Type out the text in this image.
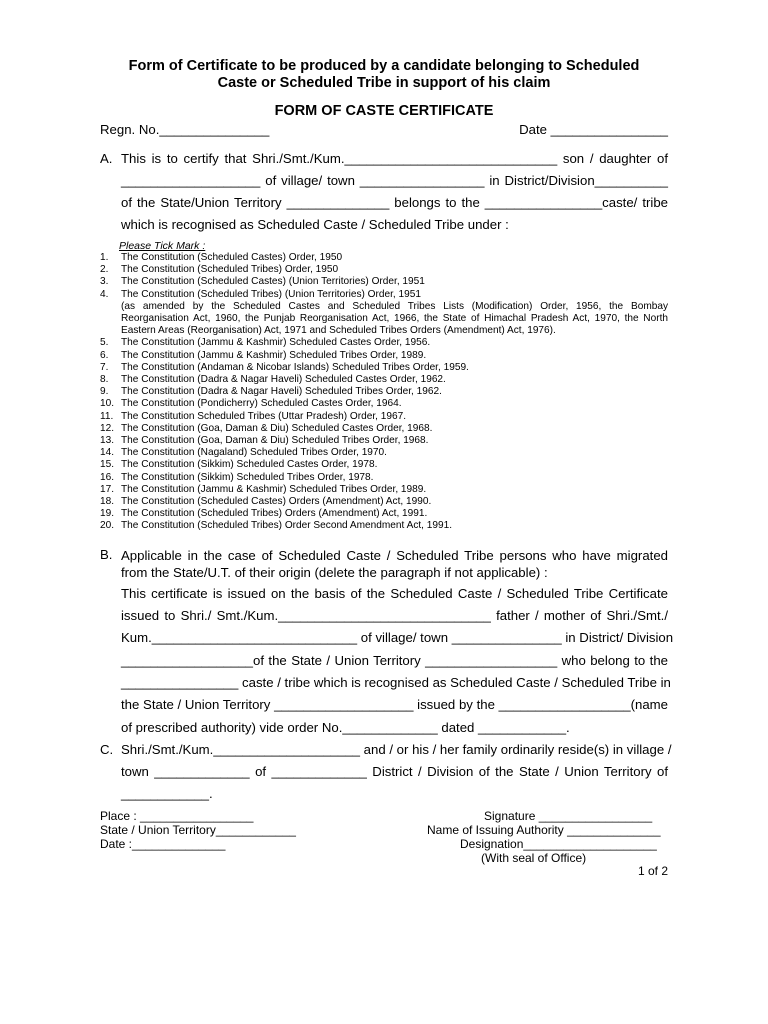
Form of Certificate to be produced by a candidate belonging to Scheduled
Caste or Scheduled Tribe in support of his claim
FORM OF CASTE CERTIFICATE
Regn. No._______________	Date ________________
A. This is to certify that Shri./Smt./Kum._____________________________ son / daughter of
___________________ of village/ town _________________ in District/Division__________
of the State/Union Territory ______________ belongs to the ________________caste/ tribe
which is recognised as Scheduled Caste / Scheduled Tribe under :
Please Tick Mark :
1.	The Constitution (Scheduled Castes) Order, 1950
2.	The Constitution (Scheduled Tribes) Order, 1950
3.	The Constitution (Scheduled Castes) (Union Territories) Order, 1951
4.	The Constitution (Scheduled Tribes) (Union Territories) Order, 1951
(as amended by the Scheduled Castes and Scheduled Tribes Lists (Modification) Order, 1956, the Bombay Reorganisation Act, 1960, the Punjab Reorganisation Act, 1966, the State of Himachal Pradesh Act, 1970, the North Eastern Areas (Reorganisation) Act, 1971 and Scheduled Tribes Orders (Amendment) Act, 1976).
5.	The Constitution (Jammu & Kashmir) Scheduled Castes Order, 1956.
6.	The Constitution (Jammu & Kashmir) Scheduled Tribes Order, 1989.
7.	The Constitution (Andaman & Nicobar Islands) Scheduled Tribes Order, 1959.
8.	The Constitution (Dadra & Nagar Haveli) Scheduled Castes Order, 1962.
9.	The Constitution (Dadra & Nagar Haveli) Scheduled Tribes Order, 1962.
10. The Constitution (Pondicherry) Scheduled Castes Order, 1964.
11. The Constitution Scheduled Tribes (Uttar Pradesh) Order, 1967.
12. The Constitution (Goa, Daman & Diu) Scheduled Castes Order, 1968.
13. The Constitution (Goa, Daman & Diu) Scheduled Tribes Order, 1968.
14. The Constitution (Nagaland) Scheduled Tribes Order, 1970.
15. The Constitution (Sikkim) Scheduled Castes Order, 1978.
16. The Constitution (Sikkim) Scheduled Tribes Order, 1978.
17. The Constitution (Jammu & Kashmir) Scheduled Tribes Order, 1989.
18. The Constitution (Scheduled Castes) Orders (Amendment) Act, 1990.
19. The Constitution (Scheduled Tribes) Orders (Amendment) Act, 1991.
20. The Constitution (Scheduled Tribes) Order Second Amendment Act, 1991.
B. Applicable in the case of Scheduled Caste / Scheduled Tribe persons who have migrated from the State/U.T. of their origin (delete the paragraph if not applicable) :
This certificate is issued on the basis of the Scheduled Caste / Scheduled Tribe Certificate
issued to Shri./ Smt./Kum._____________________________ father / mother of Shri./Smt./
Kum.____________________________ of village/ town _______________ in District/ Division
__________________of the State / Union Territory __________________ who belong to the
________________ caste / tribe which is recognised as Scheduled Caste / Scheduled Tribe in
the State / Union Territory ___________________ issued by the __________________(name
of prescribed authority) vide order No._____________ dated ____________.
C. Shri./Smt./Kum.____________________ and / or his / her family ordinarily reside(s) in village /
town _____________ of _____________ District / Division of the State / Union Territory of
____________.
Place : _________________
State / Union Territory____________
Date :______________
Signature _________________
Name of Issuing Authority ______________
Designation____________________
(With seal of Office)
1 of 2
